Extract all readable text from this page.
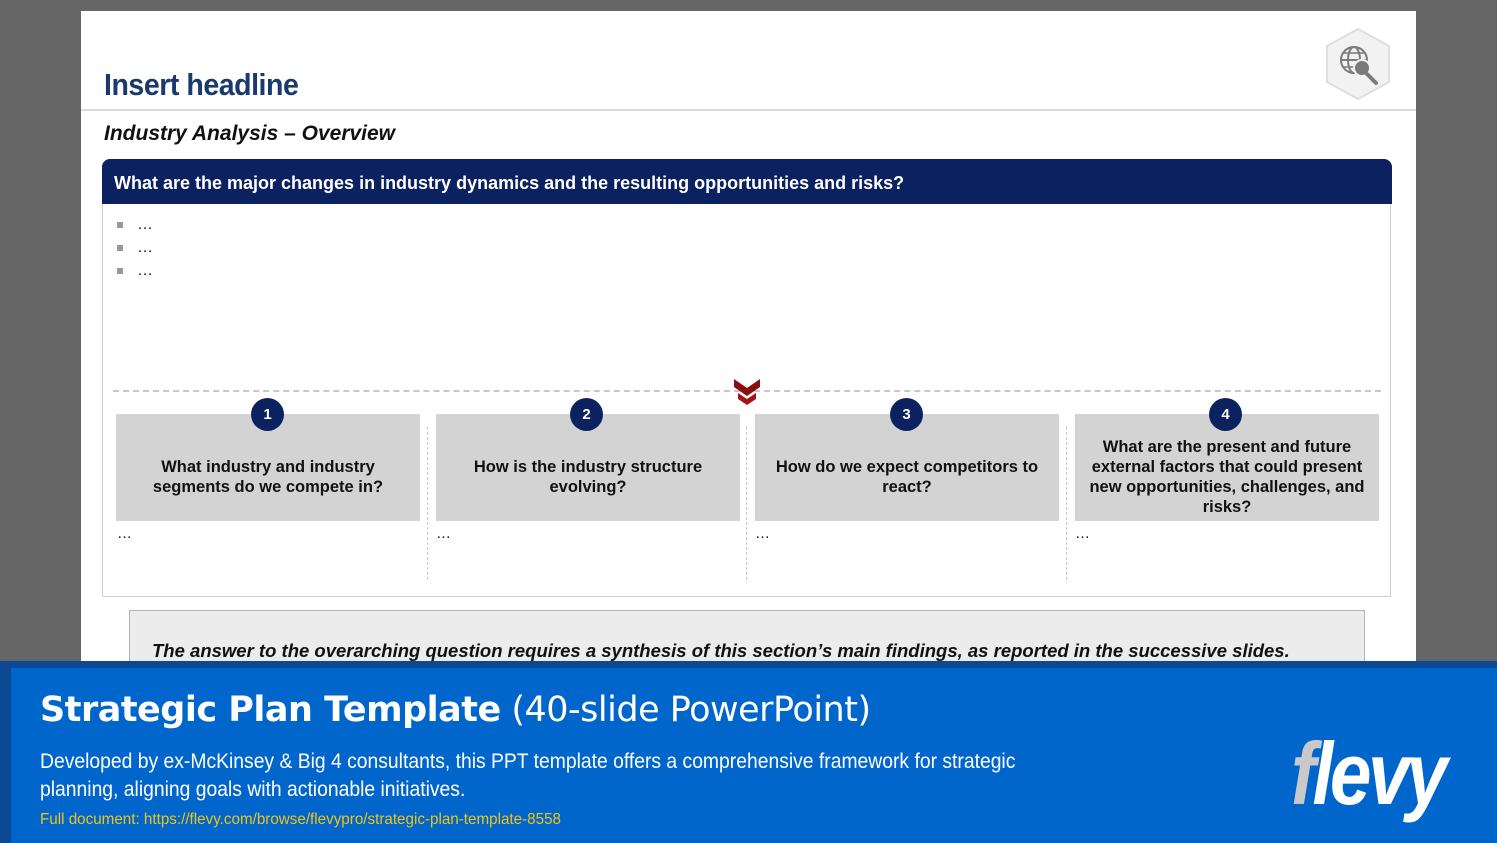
Insert headline
Industry Analysis – Overview
What are the major changes in industry dynamics and the resulting opportunities and risks?
…
…
…
What industry and industry segments do we compete in?
1
…
How is the industry structure evolving?
2
…
How do we expect competitors to react?
3
…
What are the present and future external factors that could present new opportunities, challenges, and risks?
4
…

The answer to the overarching question requires a synthesis of this section’s main findings, as reported in the successive slides.

Strategic Plan Template (40-slide PowerPoint)
Developed by ex-McKinsey & Big 4 consultants, this PPT template offers a comprehensive framework for strategic
planning, aligning goals with actionable initiatives.
Full document: https://flevy.com/browse/flevypro/strategic-plan-template-8558	flevy
